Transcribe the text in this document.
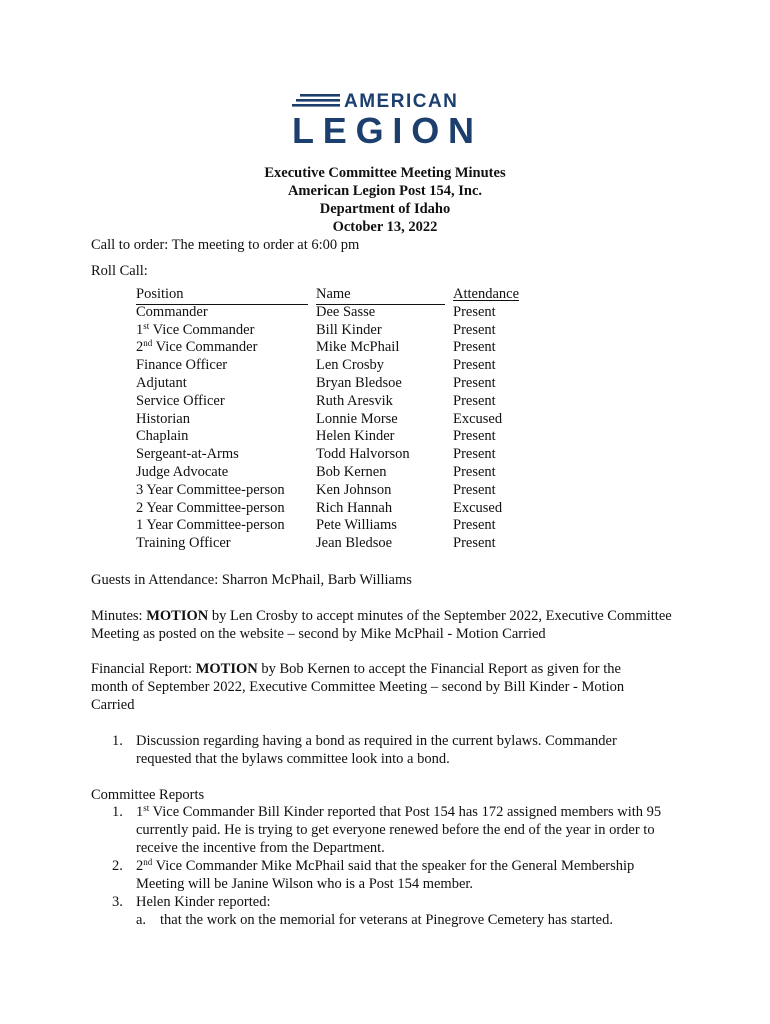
AMERICAN
LEGION
Executive Committee Meeting Minutes
American Legion Post 154, Inc.
Department of Idaho
October 13, 2022
Call to order: The meeting to order at 6:00 pm
Roll Call:
Position	Name	Attendance
Commander	Dee Sasse	Present
1st Vice Commander	Bill Kinder	Present
2nd Vice Commander	Mike McPhail	Present
Finance Officer	Len Crosby	Present
Adjutant	Bryan Bledsoe	Present
Service Officer	Ruth Aresvik	Present
Historian	Lonnie Morse	Excused
Chaplain	Helen Kinder	Present
Sergeant-at-Arms	Todd Halvorson	Present
Judge Advocate	Bob Kernen	Present
3 Year Committee-person	Ken Johnson	Present
2 Year Committee-person	Rich Hannah	Excused
1 Year Committee-person	Pete Williams	Present
Training Officer	Jean Bledsoe	Present
Guests in Attendance: Sharron McPhail, Barb Williams
Minutes: MOTION by Len Crosby to accept minutes of the September 2022, Executive Committee Meeting as posted on the website – second by Mike McPhail - Motion Carried
Financial Report: MOTION by Bob Kernen to accept the Financial Report as given for the month of September 2022, Executive Committee Meeting – second by Bill Kinder - Motion Carried
1. Discussion regarding having a bond as required in the current bylaws. Commander requested that the bylaws committee look into a bond.
Committee Reports
1. 1st Vice Commander Bill Kinder reported that Post 154 has 172 assigned members with 95 currently paid. He is trying to get everyone renewed before the end of the year in order to receive the incentive from the Department.
2. 2nd Vice Commander Mike McPhail said that the speaker for the General Membership Meeting will be Janine Wilson who is a Post 154 member.
3. Helen Kinder reported:
a. that the work on the memorial for veterans at Pinegrove Cemetery has started.
